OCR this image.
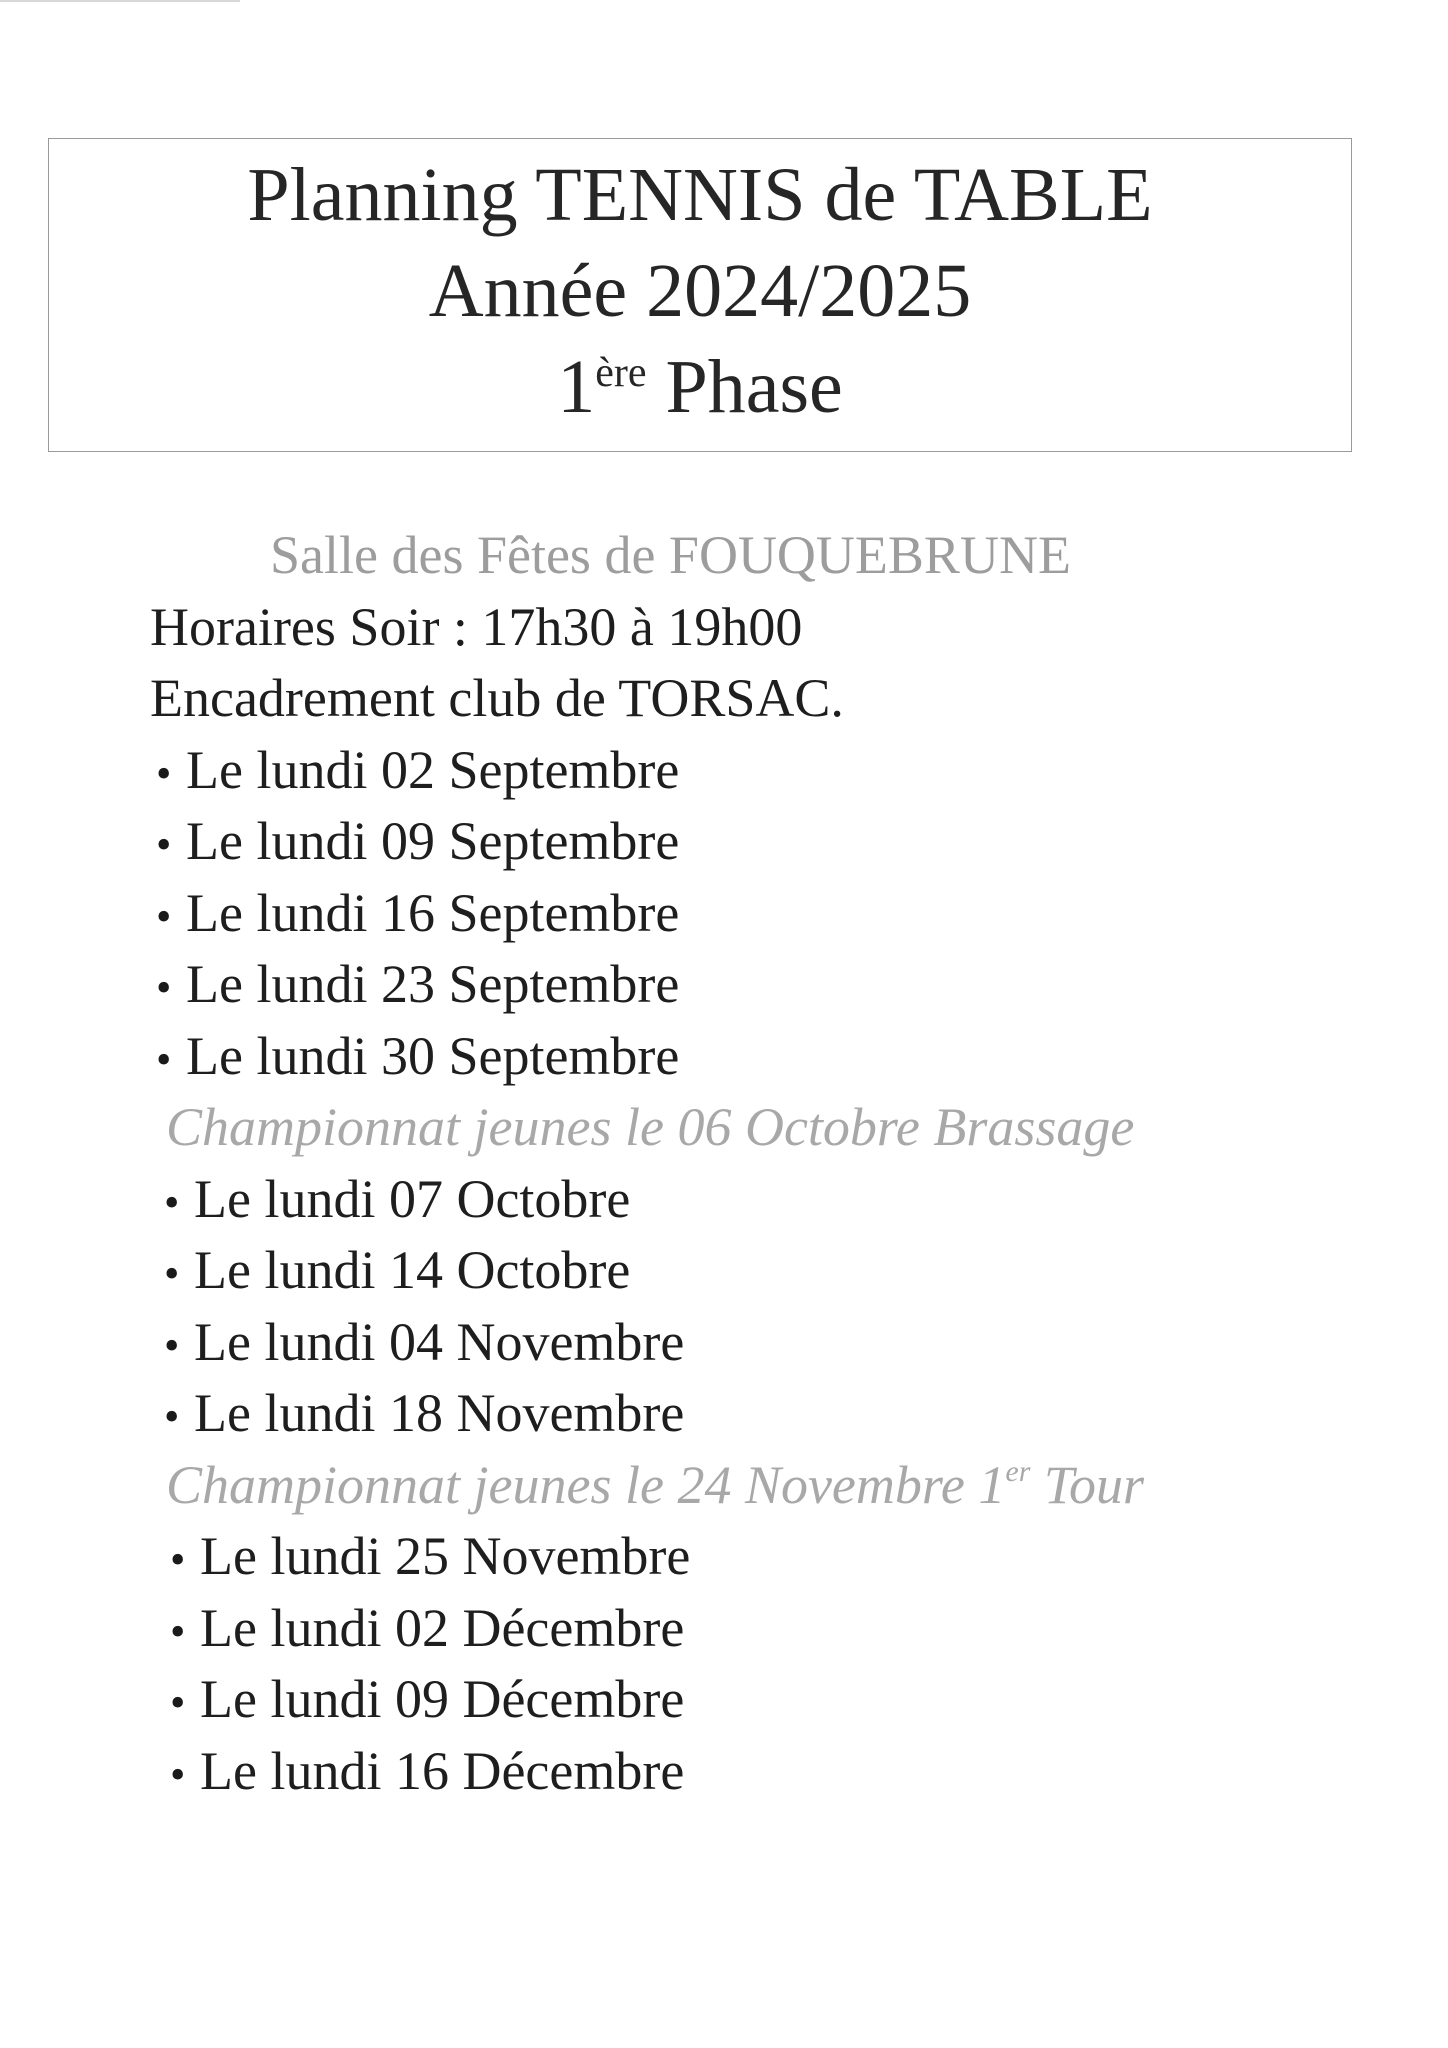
Planning TENNIS de TABLE
Année 2024/2025
1ère Phase
Salle des Fêtes de FOUQUEBRUNE
Horaires Soir : 17h30 à 19h00
Encadrement club de TORSAC.
• Le lundi 02 Septembre
• Le lundi 09 Septembre
• Le lundi 16 Septembre
• Le lundi 23 Septembre
• Le lundi 30 Septembre
Championnat jeunes le 06 Octobre Brassage
• Le lundi 07 Octobre
• Le lundi 14 Octobre
• Le lundi 04 Novembre
• Le lundi 18 Novembre
Championnat jeunes le 24 Novembre 1er Tour
• Le lundi 25 Novembre
• Le lundi 02 Décembre
• Le lundi 09 Décembre
• Le lundi 16 Décembre
